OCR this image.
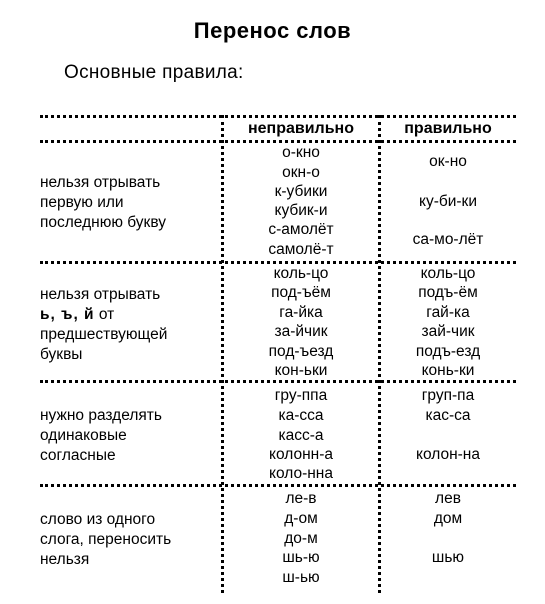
Перенос слов
Основные правила:
неправильно	правильно
нельзя отрывать
первую или
последнюю букву
о-кно
окн-о
к-убики
кубик-и
с-амолёт
самолё-т
ок-но
ку-би-ки
са-мо-лёт
нельзя отрывать
ь, ъ, й от
предшествующей
буквы
коль-цо
под-ъём
га-йка
за-йчик
под-ъезд
кон-ьки
коль-цо
подъ-ём
гай-ка
зай-чик
подъ-езд
конь-ки
нужно разделять
одинаковые
согласные
гру-ппа
ка-сса
касс-а
колонн-а
коло-нна
груп-па
кас-са
колон-на
слово из одного
слога, переносить
нельзя
ле-в
д-ом
до-м
шь-ю
ш-ью
лев
дом
шью
